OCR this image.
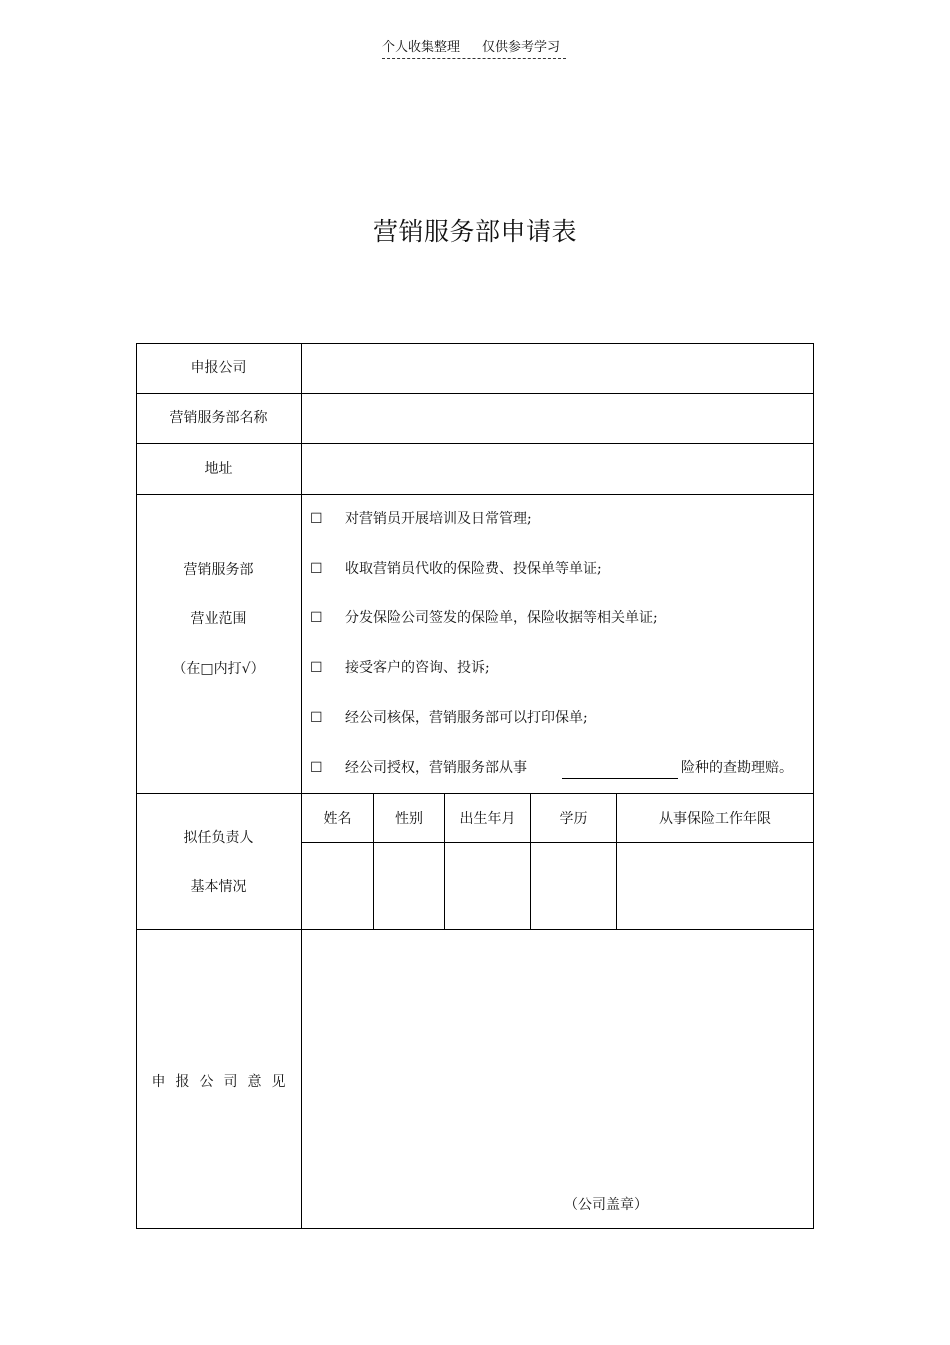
个人收集整理 仅供参考学习
营销服务部申请表
申报公司
营销服务部名称
地址
营销服务部
营业范围
（在□内打√）
☐ 对营销员开展培训及日常管理;
☐ 收取营销员代收的保险费、投保单等单证;
☐ 分发保险公司签发的保险单，保险收据等相关单证;
☐ 接受客户的咨询、投诉;
☐ 经公司核保，营销服务部可以打印保单;
☐ 经公司授权，营销服务部从事	险种的查勘理赔。
拟任负责人
基本情况
姓名	性别	出生年月	学历	从事保险工作年限
申报公司意见
（公司盖章）
